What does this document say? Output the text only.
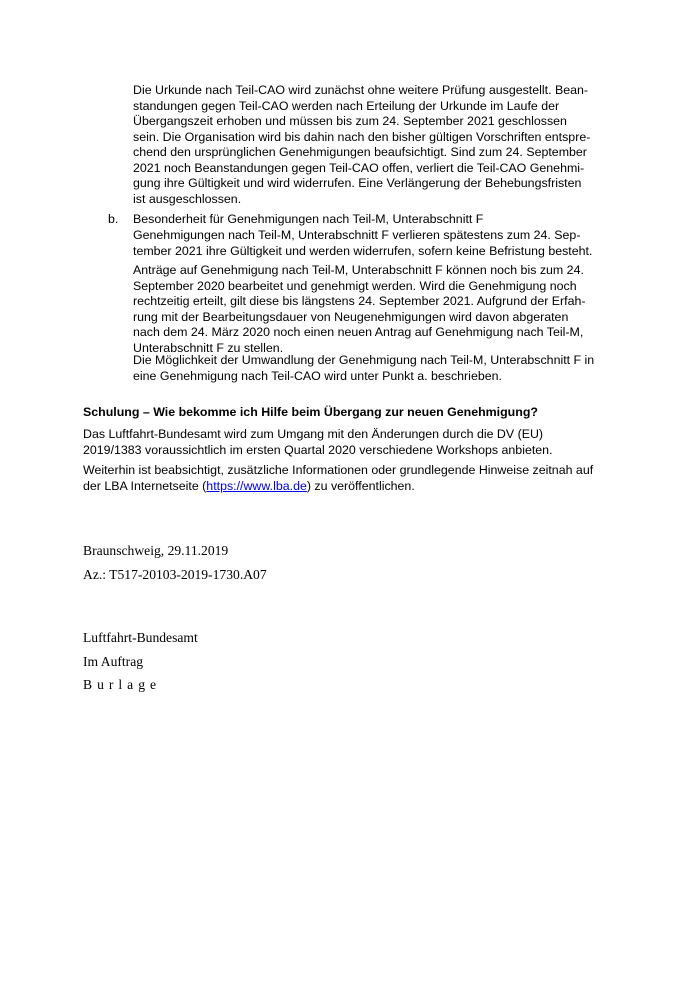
Die Urkunde nach Teil-CAO wird zunächst ohne weitere Prüfung ausgestellt. Bean-
standungen gegen Teil-CAO werden nach Erteilung der Urkunde im Laufe der
Übergangszeit erhoben und müssen bis zum 24. September 2021 geschlossen
sein. Die Organisation wird bis dahin nach den bisher gültigen Vorschriften entspre-
chend den ursprünglichen Genehmigungen beaufsichtigt. Sind zum 24. September
2021 noch Beanstandungen gegen Teil-CAO offen, verliert die Teil-CAO Genehmi-
gung ihre Gültigkeit und wird widerrufen. Eine Verlängerung der Behebungsfristen
ist ausgeschlossen.

b. Besonderheit für Genehmigungen nach Teil-M, Unterabschnitt F

Genehmigungen nach Teil-M, Unterabschnitt F verlieren spätestens zum 24. Sep-
tember 2021 ihre Gültigkeit und werden widerrufen, sofern keine Befristung besteht.

Anträge auf Genehmigung nach Teil-M, Unterabschnitt F können noch bis zum 24.
September 2020 bearbeitet und genehmigt werden. Wird die Genehmigung noch
rechtzeitig erteilt, gilt diese bis längstens 24. September 2021. Aufgrund der Erfah-
rung mit der Bearbeitungsdauer von Neugenehmigungen wird davon abgeraten
nach dem 24. März 2020 noch einen neuen Antrag auf Genehmigung nach Teil-M,
Unterabschnitt F zu stellen.

Die Möglichkeit der Umwandlung der Genehmigung nach Teil-M, Unterabschnitt F in
eine Genehmigung nach Teil-CAO wird unter Punkt a. beschrieben.

Schulung – Wie bekomme ich Hilfe beim Übergang zur neuen Genehmigung?

Das Luftfahrt-Bundesamt wird zum Umgang mit den Änderungen durch die DV (EU)
2019/1383 voraussichtlich im ersten Quartal 2020 verschiedene Workshops anbieten.

Weiterhin ist beabsichtigt, zusätzliche Informationen oder grundlegende Hinweise zeitnah auf
der LBA Internetseite (https://www.lba.de) zu veröffentlichen.

Braunschweig, 29.11.2019

Az.: T517-20103-2019-1730.A07

Luftfahrt-Bundesamt

Im Auftrag

Burlage
